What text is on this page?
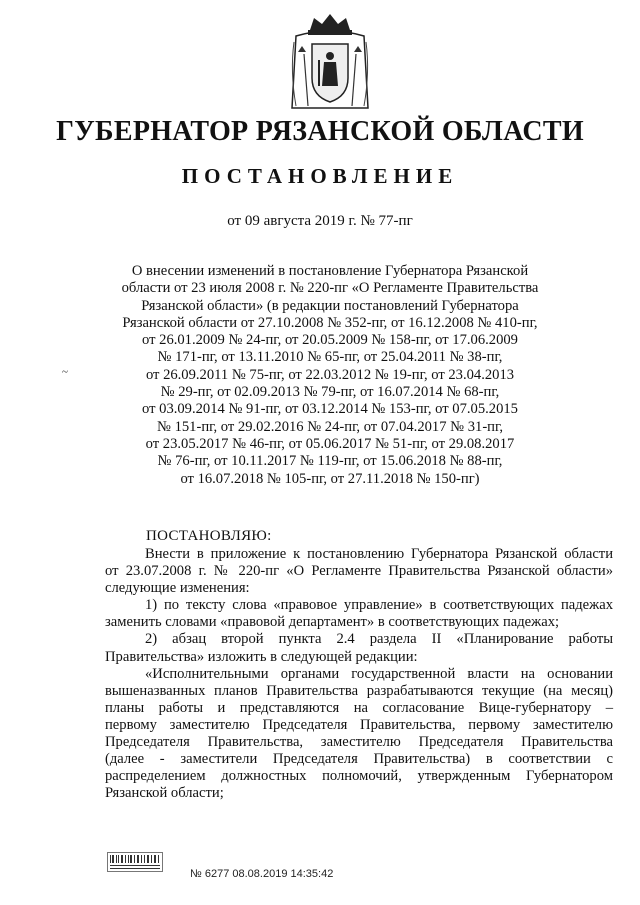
ГУБЕРНАТОР РЯЗАНСКОЙ ОБЛАСТИ
ПОСТАНОВЛЕНИЕ
от 09 августа 2019 г. № 77-пг
О внесении изменений в постановление Губернатора Рязанской
области от 23 июля 2008 г. № 220-пг «О Регламенте Правительства
Рязанской области» (в редакции постановлений Губернатора
Рязанской области от 27.10.2008 № 352-пг, от 16.12.2008 № 410-пг,
от 26.01.2009 № 24-пг, от 20.05.2009 № 158-пг, от 17.06.2009
№ 171-пг, от 13.11.2010 № 65-пг, от 25.04.2011 № 38-пг,
от 26.09.2011 № 75-пг, от 22.03.2012 № 19-пг, от 23.04.2013
№ 29-пг, от 02.09.2013 № 79-пг, от 16.07.2014 № 68-пг,
от 03.09.2014 № 91-пг, от 03.12.2014 № 153-пг, от 07.05.2015
№ 151-пг, от 29.02.2016 № 24-пг, от 07.04.2017 № 31-пг,
от 23.05.2017 № 46-пг, от 05.06.2017 № 51-пг, от 29.08.2017
№ 76-пг, от 10.11.2017 № 119-пг, от 15.06.2018 № 88-пг,
от 16.07.2018 № 105-пг, от 27.11.2018 № 150-пг)
~
ПОСТАНОВЛЯЮ:
Внести в приложение к постановлению Губернатора Рязанской области
от 23.07.2008 г. № 220-пг «О Регламенте Правительства Рязанской области»
следующие изменения:
1) по тексту слова «правовое управление» в соответствующих падежах
заменить словами «правовой департамент» в соответствующих падежах;
2) абзац второй пункта 2.4 раздела II «Планирование работы
Правительства» изложить в следующей редакции:
«Исполнительными органами государственной власти на основании
вышеназванных планов Правительства разрабатываются текущие (на месяц)
планы работы и представляются на согласование Вице-губернатору –
первому заместителю Председателя Правительства, первому заместителю
Председателя Правительства, заместителю Председателя Правительства
(далее - заместители Председателя Правительства) в соответствии с
распределением должностных полномочий, утвержденным Губернатором
Рязанской области;
№ 6277 08.08.2019 14:35:42
